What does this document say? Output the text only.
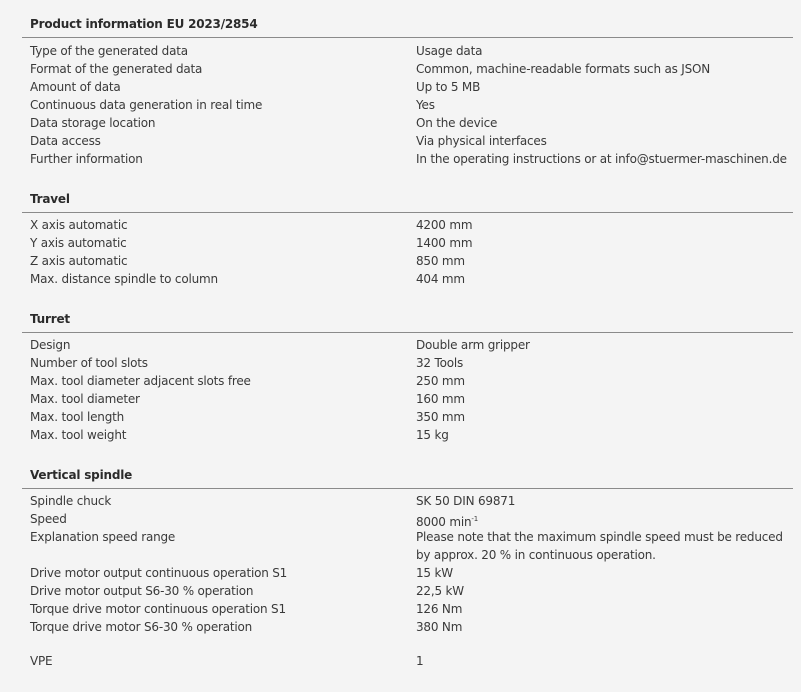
Product information EU 2023/2854
Type of the generated data	Usage data
Format of the generated data	Common, machine-readable formats such as JSON
Amount of data	Up to 5 MB
Continuous data generation in real time	Yes
Data storage location	On the device
Data access	Via physical interfaces
Further information	In the operating instructions or at info@stuermer-maschinen.de
Travel
X axis automatic	4200 mm
Y axis automatic	1400 mm
Z axis automatic	850 mm
Max. distance spindle to column	404 mm
Turret
Design	Double arm gripper
Number of tool slots	32 Tools
Max. tool diameter adjacent slots free	250 mm
Max. tool diameter	160 mm
Max. tool length	350 mm
Max. tool weight	15 kg
Vertical spindle
Spindle chuck	SK 50 DIN 69871
Speed	8000 $\min^{-1}$
Explanation speed range	Please note that the maximum spindle speed must be reduced by approx. 20 % in continuous operation.
Drive motor output continuous operation S1	15 kW
Drive motor output S6-30 % operation	22,5 kW
Torque drive motor continuous operation S1	126 Nm
Torque drive motor S6-30 % operation	380 Nm
VPE	1
